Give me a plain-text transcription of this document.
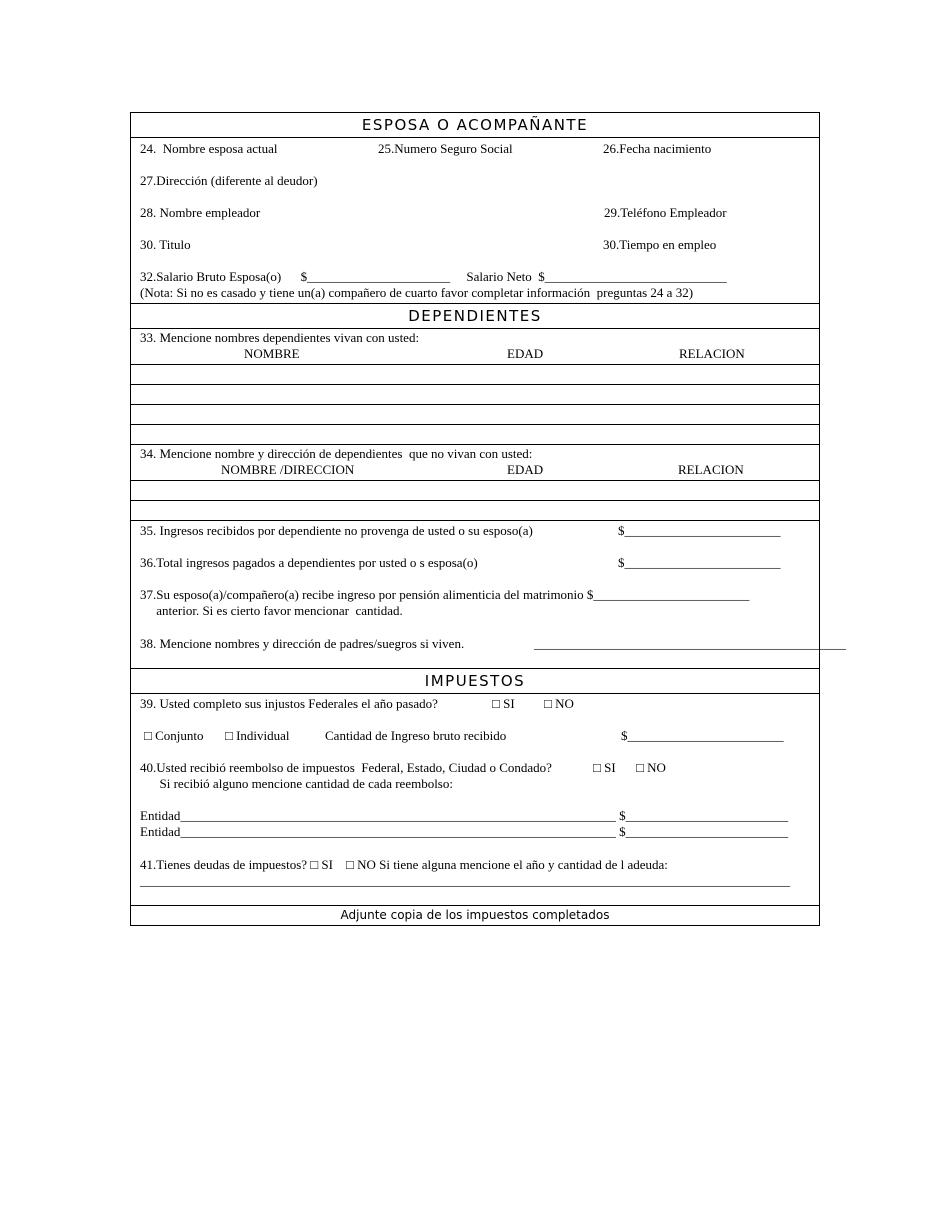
ESPOSA O ACOMPAÑANTE
24.  Nombre esposa actual	25.Numero Seguro Social	26.Fecha nacimiento
27.Dirección (diferente al deudor)
28. Nombre empleador	29.Teléfono Empleador
30. Titulo	30.Tiempo en empleo
32.Salario Bruto Esposa(o)      $______________________     Salario Neto  $____________________________
(Nota: Si no es casado y tiene un(a) compañero de cuarto favor completar información  preguntas 24 a 32)
DEPENDIENTES
33. Mencione nombres dependientes vivan con usted:
NOMBRE	EDAD	RELACION
34. Mencione nombre y dirección de dependientes  que no vivan con usted:
NOMBRE /DIRECCION	EDAD	RELACION
35. Ingresos recibidos por dependiente no provenga de usted o su esposo(a)	$________________________
36.Total ingresos pagados a dependientes por usted o s esposa(o)	$________________________
37.Su esposo(a)/compañero(a) recibe ingreso por pensión alimenticia del matrimonio $________________________
anterior. Si es cierto favor mencionar  cantidad.
38. Mencione nombres y dirección de padres/suegros si viven.	________________________________________________
IMPUESTOS
39. Usted completo sus injustos Federales el año pasado?	□ SI □ NO
□ Conjunto □ Individual	Cantidad de Ingreso bruto recibido	$________________________
40.Usted recibió reembolso de impuestos  Federal, Estado, Ciudad o Condado?	□ SI □ NO
Si recibió alguno mencione cantidad de cada reembolso:
Entidad___________________________________________________________________ $_________________________
Entidad___________________________________________________________________ $_________________________
41.Tienes deudas de impuestos? □ SI    □ NO Si tiene alguna mencione el año y cantidad de l adeuda:
____________________________________________________________________________________________________
Adjunte copia de los impuestos completados
